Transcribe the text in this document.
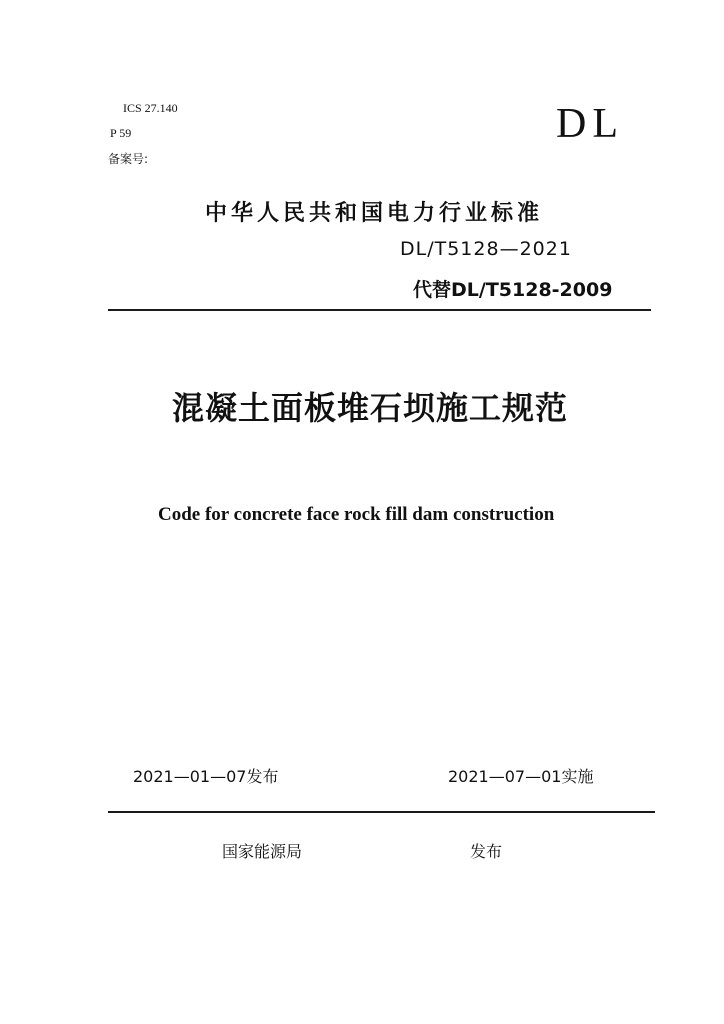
ICS 27.140
P 59
备案号:
DL
中华人民共和国电力行业标准
DL/T5128—2021
代替DL/T5128-2009
混凝土面板堆石坝施工规范
Code for concrete face rock fill dam construction
2021—01—07发布	2021—07—01实施
国家能源局	发布
